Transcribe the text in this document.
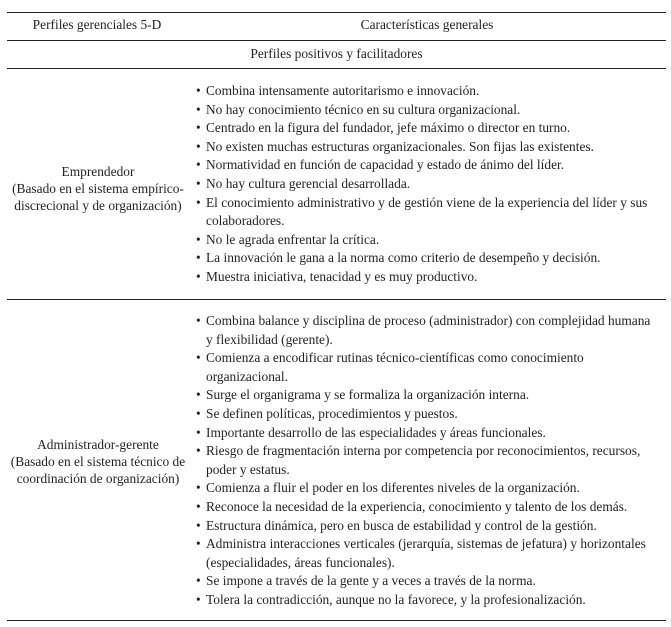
Perfiles gerenciales 5-D	Características generales
Perfiles positivos y facilitadores
Emprendedor
(Basado en el sistema empírico-discrecional y de organización)
• Combina intensamente autoritarismo e innovación.
• No hay conocimiento técnico en su cultura organizacional.
• Centrado en la figura del fundador, jefe máximo o director en turno.
• No existen muchas estructuras organizacionales. Son fijas las existentes.
• Normatividad en función de capacidad y estado de ánimo del líder.
• No hay cultura gerencial desarrollada.
• El conocimiento administrativo y de gestión viene de la experiencia del líder y sus colaboradores.
• No le agrada enfrentar la crítica.
• La innovación le gana a la norma como criterio de desempeño y decisión.
• Muestra iniciativa, tenacidad y es muy productivo.
Administrador-gerente
(Basado en el sistema técnico de coordinación de organización)
• Combina balance y disciplina de proceso (administrador) con complejidad humana y flexibilidad (gerente).
• Comienza a encodificar rutinas técnico-científicas como conocimiento organizacional.
• Surge el organigrama y se formaliza la organización interna.
• Se definen políticas, procedimientos y puestos.
• Importante desarrollo de las especialidades y áreas funcionales.
• Riesgo de fragmentación interna por competencia por reconocimientos, recursos, poder y estatus.
• Comienza a fluir el poder en los diferentes niveles de la organización.
• Reconoce la necesidad de la experiencia, conocimiento y talento de los demás.
• Estructura dinámica, pero en busca de estabilidad y control de la gestión.
• Administra interacciones verticales (jerarquía, sistemas de jefatura) y horizontales (especialidades, áreas funcionales).
• Se impone a través de la gente y a veces a través de la norma.
• Tolera la contradicción, aunque no la favorece, y la profesionalización.
